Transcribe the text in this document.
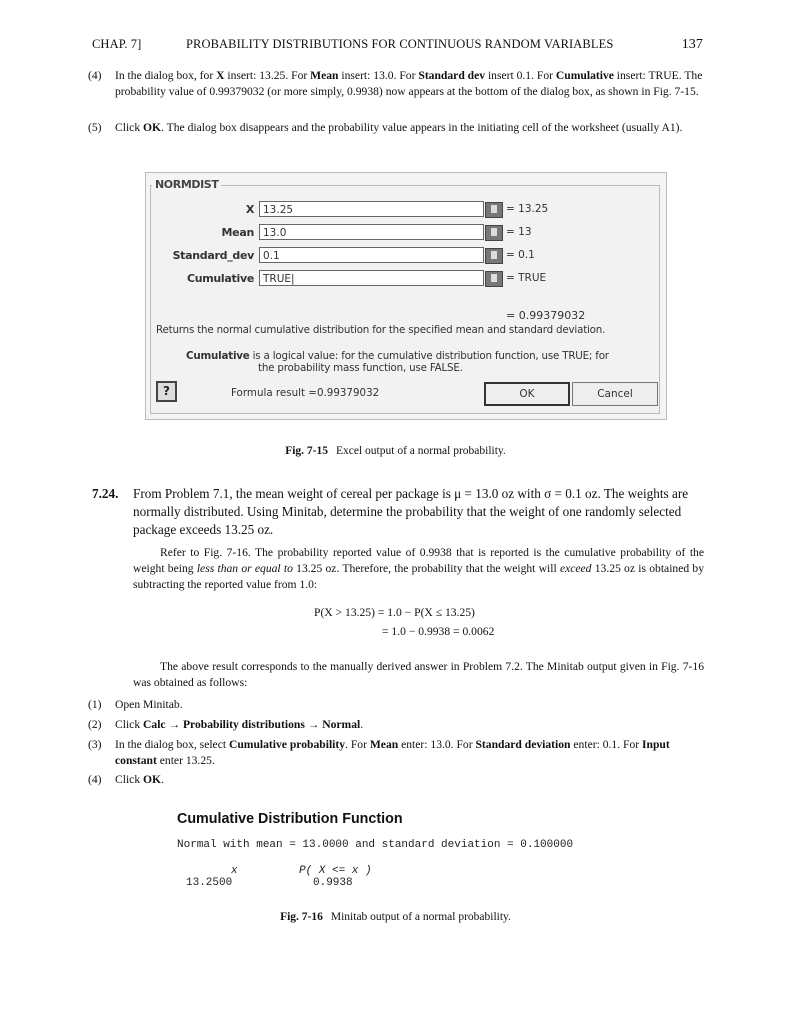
CHAP. 7]	PROBABILITY DISTRIBUTIONS FOR CONTINUOUS RANDOM VARIABLES	137
(4) In the dialog box, for X insert: 13.25. For Mean insert: 13.0. For Standard dev insert 0.1. For Cumulative insert: TRUE. The probability value of 0.99379032 (or more simply, 0.9938) now appears at the bottom of the dialog box, as shown in Fig. 7-15.
(5) Click OK. The dialog box disappears and the probability value appears in the initiating cell of the worksheet (usually A1).
NORMDIST
X 13.25	= 13.25
Mean 13.0	= 13
Standard_dev 0.1	= 0.1
Cumulative TRUE|	= TRUE
= 0.99379032
Returns the normal cumulative distribution for the specified mean and standard deviation.
Cumulative is a logical value: for the cumulative distribution function, use TRUE; for
the probability mass function, use FALSE.
?	Formula result =0.99379032	OK	Cancel
Fig. 7-15 Excel output of a normal probability.
7.24. From Problem 7.1, the mean weight of cereal per package is μ = 13.0 oz with σ = 0.1 oz. The weights are normally distributed. Using Minitab, determine the probability that the weight of one randomly selected package exceeds 13.25 oz.
Refer to Fig. 7-16. The probability reported value of 0.9938 that is reported is the cumulative probability of the weight being less than or equal to 13.25 oz. Therefore, the probability that the weight will exceed 13.25 oz is obtained by subtracting the reported value from 1.0:
P(X > 13.25) = 1.0 − P(X ≤ 13.25)
= 1.0 − 0.9938 = 0.0062
The above result corresponds to the manually derived answer in Problem 7.2. The Minitab output given in Fig. 7-16 was obtained as follows:
(1) Open Minitab.
(2) Click Calc → Probability distributions → Normal.
(3) In the dialog box, select Cumulative probability. For Mean enter: 13.0. For Standard deviation enter: 0.1. For Input constant enter 13.25.
(4) Click OK.
Cumulative Distribution Function
Normal with mean = 13.0000 and standard deviation = 0.100000
x	P( X <= x )
13.2500	0.9938
Fig. 7-16 Minitab output of a normal probability.
